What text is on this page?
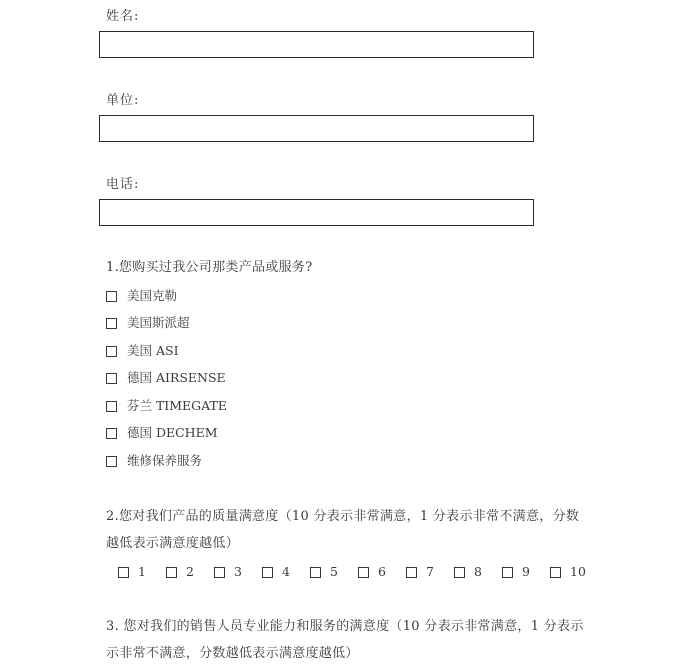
姓名:
单位:
电话:
1.您购买过我公司那类产品或服务?
美国克勒
美国斯派超
美国 ASI
德国 AIRSENSE
芬兰 TIMEGATE
德国 DECHEM
维修保养服务
2.您对我们产品的质量满意度（10 分表示非常满意，1 分表示非常不满意，分数
越低表示满意度越低）
1	2	3	4	5	6	7	8	9	10
3. 您对我们的销售人员专业能力和服务的满意度（10 分表示非常满意，1 分表示
示非常不满意，分数越低表示满意度越低）
